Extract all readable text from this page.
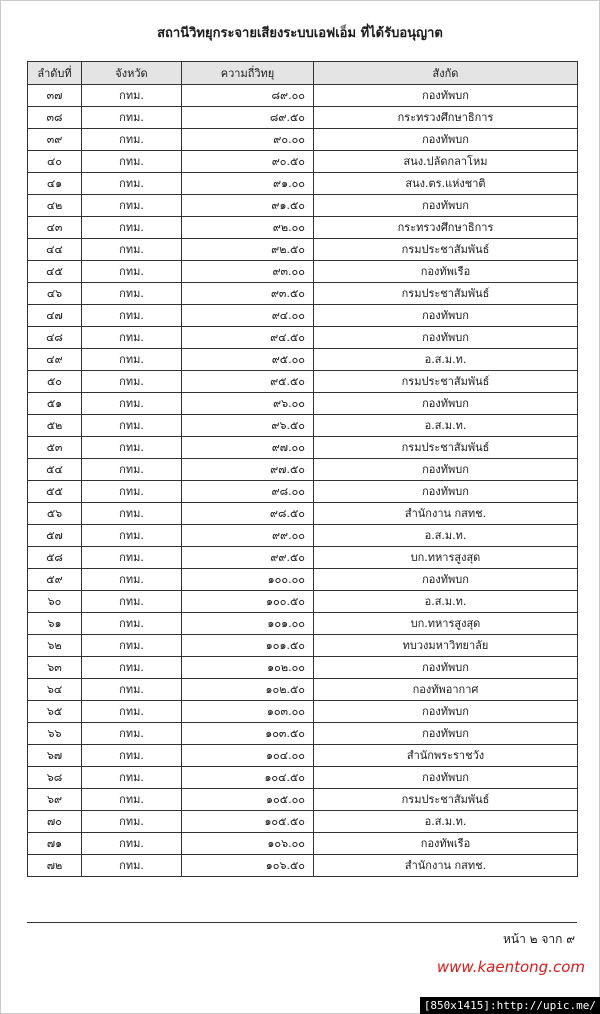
สถานีวิทยุกระจายเสียงระบบเอฟเอ็ม ที่ได้รับอนุญาต
ลำดับที่	จังหวัด	ความถี่วิทยุ	สังกัด
๓๗	กทม.	๘๙.๐๐	กองทัพบก
๓๘	กทม.	๘๙.๕๐	กระทรวงศึกษาธิการ
๓๙	กทม.	๙๐.๐๐	กองทัพบก
๔๐	กทม.	๙๐.๕๐	สนง.ปลัดกลาโหม
๔๑	กทม.	๙๑.๐๐	สนง.ตร.แห่งชาติ
๔๒	กทม.	๙๑.๕๐	กองทัพบก
๔๓	กทม.	๙๒.๐๐	กระทรวงศึกษาธิการ
๔๔	กทม.	๙๒.๕๐	กรมประชาสัมพันธ์
๔๕	กทม.	๙๓.๐๐	กองทัพเรือ
๔๖	กทม.	๙๓.๕๐	กรมประชาสัมพันธ์
๔๗	กทม.	๙๔.๐๐	กองทัพบก
๔๘	กทม.	๙๔.๕๐	กองทัพบก
๔๙	กทม.	๙๕.๐๐	อ.ส.ม.ท.
๕๐	กทม.	๙๕.๕๐	กรมประชาสัมพันธ์
๕๑	กทม.	๙๖.๐๐	กองทัพบก
๕๒	กทม.	๙๖.๕๐	อ.ส.ม.ท.
๕๓	กทม.	๙๗.๐๐	กรมประชาสัมพันธ์
๕๔	กทม.	๙๗.๕๐	กองทัพบก
๕๕	กทม.	๙๘.๐๐	กองทัพบก
๕๖	กทม.	๙๘.๕๐	สำนักงาน กสทช.
๕๗	กทม.	๙๙.๐๐	อ.ส.ม.ท.
๕๘	กทม.	๙๙.๕๐	บก.ทหารสูงสุด
๕๙	กทม.	๑๐๐.๐๐	กองทัพบก
๖๐	กทม.	๑๐๐.๕๐	อ.ส.ม.ท.
๖๑	กทม.	๑๐๑.๐๐	บก.ทหารสูงสุด
๖๒	กทม.	๑๐๑.๕๐	ทบวงมหาวิทยาลัย
๖๓	กทม.	๑๐๒.๐๐	กองทัพบก
๖๔	กทม.	๑๐๒.๕๐	กองทัพอากาศ
๖๕	กทม.	๑๐๓.๐๐	กองทัพบก
๖๖	กทม.	๑๐๓.๕๐	กองทัพบก
๖๗	กทม.	๑๐๔.๐๐	สำนักพระราชวัง
๖๘	กทม.	๑๐๔.๕๐	กองทัพบก
๖๙	กทม.	๑๐๕.๐๐	กรมประชาสัมพันธ์
๗๐	กทม.	๑๐๕.๕๐	อ.ส.ม.ท.
๗๑	กทม.	๑๐๖.๐๐	กองทัพเรือ
๗๒	กทม.	๑๐๖.๕๐	สำนักงาน กสทช.
หน้า ๒ จาก ๙
www.kaentong.com
[850x1415]:http://upic.me/
